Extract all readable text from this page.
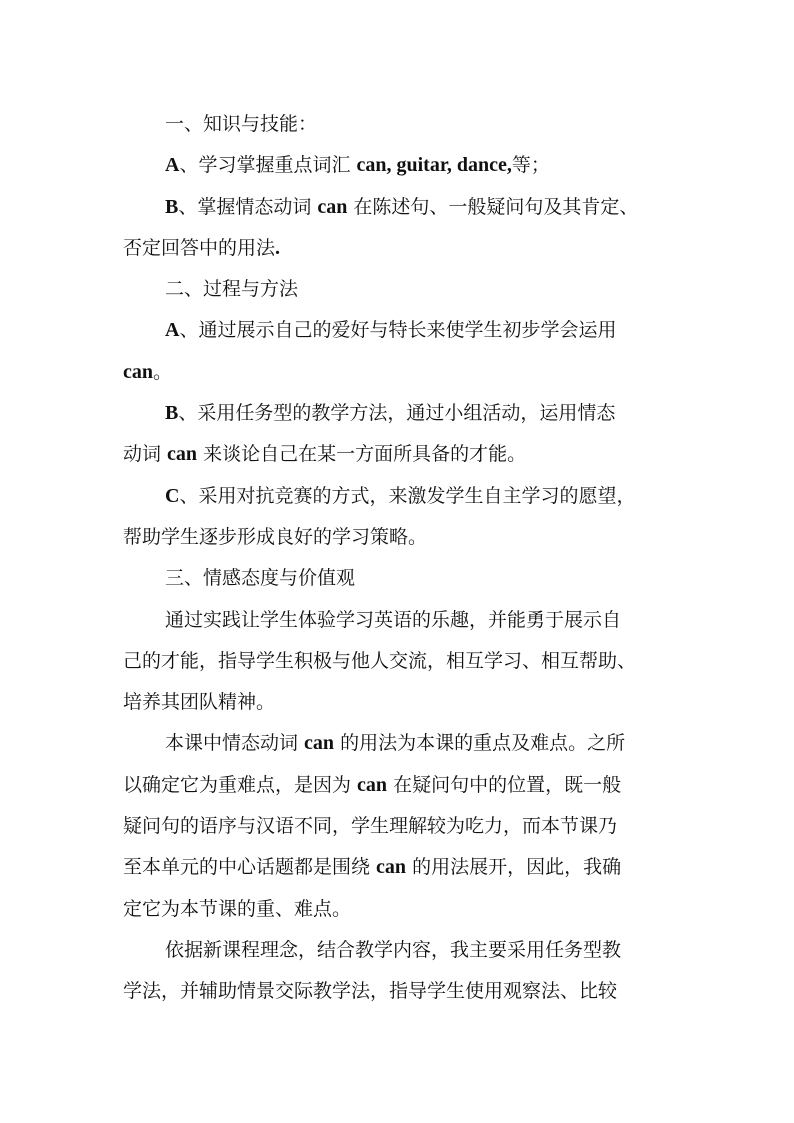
一、知识与技能：
A、学习掌握重点词汇 can, guitar, dance,等；
B、掌握情态动词 can 在陈述句、一般疑问句及其肯定、
否定回答中的用法.
二、过程与方法
A、通过展示自己的爱好与特长来使学生初步学会运用
can。
B、采用任务型的教学方法，通过小组活动，运用情态
动词 can 来谈论自己在某一方面所具备的才能。
C、采用对抗竞赛的方式，来激发学生自主学习的愿望，
帮助学生逐步形成良好的学习策略。
三、情感态度与价值观
通过实践让学生体验学习英语的乐趣，并能勇于展示自
己的才能，指导学生积极与他人交流，相互学习、相互帮助、
培养其团队精神。
本课中情态动词 can 的用法为本课的重点及难点。之所
以确定它为重难点，是因为 can 在疑问句中的位置，既一般
疑问句的语序与汉语不同，学生理解较为吃力，而本节课乃
至本单元的中心话题都是围绕 can 的用法展开，因此，我确
定它为本节课的重、难点。
依据新课程理念，结合教学内容，我主要采用任务型教
学法，并辅助情景交际教学法，指导学生使用观察法、比较
